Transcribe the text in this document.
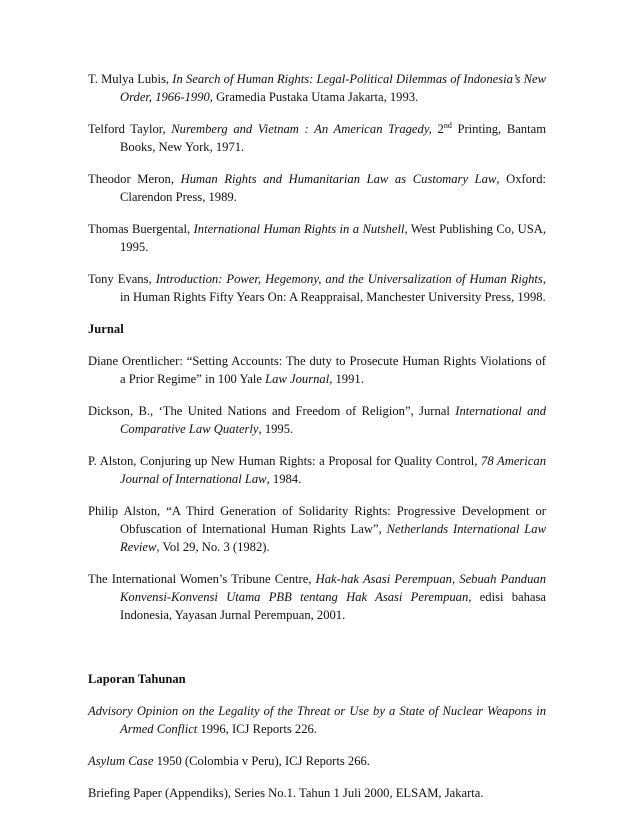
T. Mulya Lubis, In Search of Human Rights: Legal-Political Dilemmas of Indonesia’s New Order, 1966-1990, Gramedia Pustaka Utama Jakarta, 1993.

Telford Taylor, Nuremberg and Vietnam : An American Tragedy, 2nd Printing, Bantam Books, New York, 1971.

Theodor Meron, Human Rights and Humanitarian Law as Customary Law, Oxford: Clarendon Press, 1989.

Thomas Buergental, International Human Rights in a Nutshell, West Publishing Co, USA, 1995.

Tony Evans, Introduction: Power, Hegemony, and the Universalization of Human Rights, in Human Rights Fifty Years On: A Reappraisal, Manchester University Press, 1998.

Jurnal

Diane Orentlicher: “Setting Accounts: The duty to Prosecute Human Rights Violations of a Prior Regime” in 100 Yale Law Journal, 1991.

Dickson, B., ‘The United Nations and Freedom of Religion”, Jurnal International and Comparative Law Quaterly, 1995.

P. Alston, Conjuring up New Human Rights: a Proposal for Quality Control, 78 American Journal of International Law, 1984.

Philip Alston, “A Third Generation of Solidarity Rights: Progressive Development or Obfuscation of International Human Rights Law”, Netherlands International Law Review, Vol 29, No. 3 (1982).

The International Women’s Tribune Centre, Hak-hak Asasi Perempuan, Sebuah Panduan Konvensi-Konvensi Utama PBB tentang Hak Asasi Perempuan, edisi bahasa Indonesia, Yayasan Jurnal Perempuan, 2001.

Laporan Tahunan

Advisory Opinion on the Legality of the Threat or Use by a State of Nuclear Weapons in Armed Conflict 1996, ICJ Reports 226.

Asylum Case 1950 (Colombia v Peru), ICJ Reports 266.

Briefing Paper (Appendiks), Series No.1. Tahun 1 Juli 2000, ELSAM, Jakarta.
